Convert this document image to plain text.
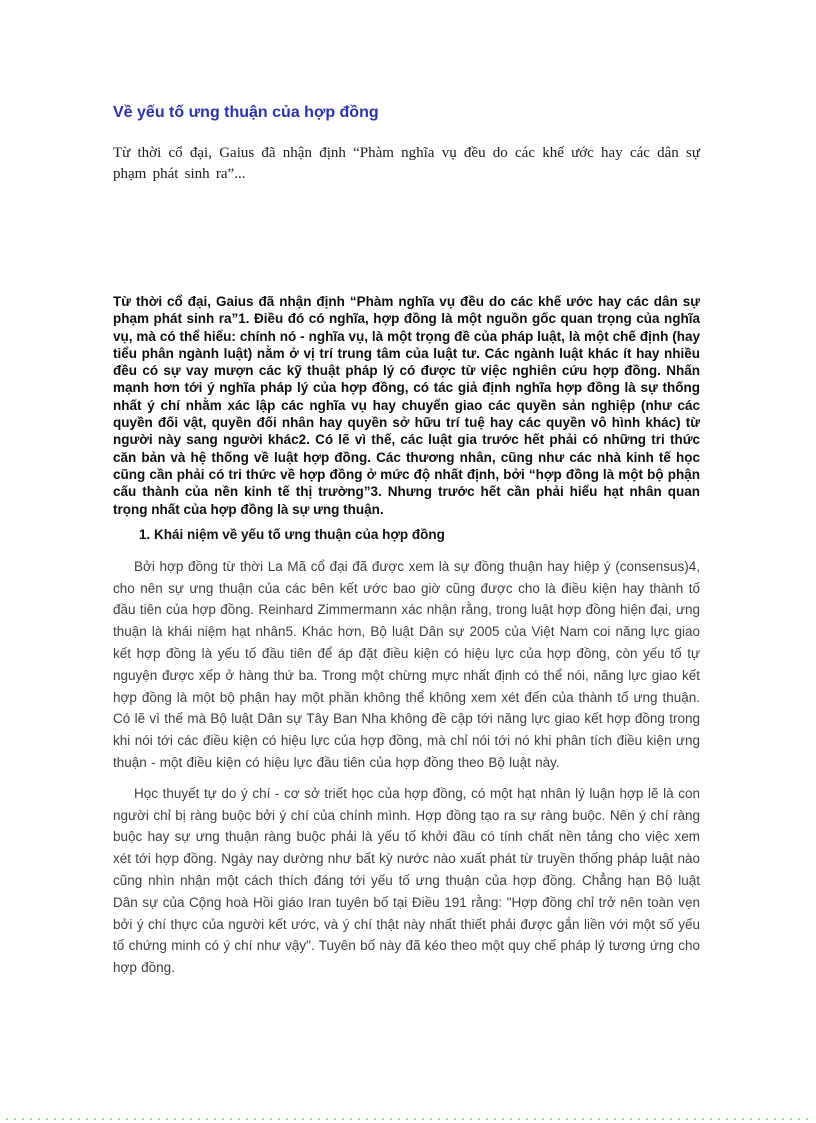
Về yếu tố ưng thuận của hợp đồng

Từ thời cổ đại, Gaius đã nhận định “Phàm nghĩa vụ đều do các khế ước hay các dân sự phạm phát sinh ra”...

Từ thời cổ đại, Gaius đã nhận định “Phàm nghĩa vụ đều do các khế ước hay các dân sự phạm phát sinh ra”1. Điều đó có nghĩa, hợp đồng là một nguồn gốc quan trọng của nghĩa vụ, mà có thể hiểu: chính nó - nghĩa vụ, là một trọng đề của pháp luật, là một chế định (hay tiểu phân ngành luật) nằm ở vị trí trung tâm của luật tư. Các ngành luật khác ít hay nhiều đều có sự vay mượn các kỹ thuật pháp lý có được từ việc nghiên cứu hợp đồng. Nhấn mạnh hơn tới ý nghĩa pháp lý của hợp đồng, có tác giả định nghĩa hợp đồng là sự thống nhất ý chí nhằm xác lập các nghĩa vụ hay chuyển giao các quyền sản nghiệp (như các quyền đối vật, quyền đối nhân hay quyền sở hữu trí tuệ hay các quyền vô hình khác) từ người này sang người khác2. Có lẽ vì thế, các luật gia trước hết phải có những tri thức căn bản và hệ thống về luật hợp đồng. Các thương nhân, cũng như các nhà kinh tế học cũng cần phải có tri thức về hợp đồng ở mức độ nhất định, bởi “hợp đồng là một bộ phận cấu thành của nền kinh tế thị trường”3. Nhưng trước hết cần phải hiểu hạt nhân quan trọng nhất của hợp đồng là sự ưng thuận.

1. Khái niệm về yếu tố ưng thuận của hợp đồng

Bởi hợp đồng từ thời La Mã cổ đại đã được xem là sự đồng thuận hay hiệp ý (consensus)4, cho nên sự ưng thuận của các bên kết ước bao giờ cũng được cho là điều kiện hay thành tố đầu tiên của hợp đồng. Reinhard Zimmermann xác nhận rằng, trong luật hợp đồng hiện đại, ưng thuận là khái niệm hạt nhân5. Khác hơn, Bộ luật Dân sự 2005 của Việt Nam coi năng lực giao kết hợp đồng là yếu tố đầu tiên để áp đặt điều kiện có hiệu lực của hợp đồng, còn yếu tố tự nguyện được xếp ở hàng thứ ba. Trong một chừng mực nhất định có thể nói, năng lực giao kết hợp đồng là một bộ phận hay một phần không thể không xem xét đến của thành tố ưng thuận. Có lẽ vì thế mà Bộ luật Dân sự Tây Ban Nha không đề cập tới năng lực giao kết hợp đồng trong khi nói tới các điều kiện có hiệu lực của hợp đồng, mà chỉ nói tới nó khi phân tích điều kiện ưng thuận - một điều kiện có hiệu lực đầu tiên của hợp đồng theo Bộ luật này.

Học thuyết tự do ý chí - cơ sở triết học của hợp đồng, có một hạt nhân lý luận hợp lẽ là con người chỉ bị ràng buộc bởi ý chí của chính mình. Hợp đồng tạo ra sự ràng buộc. Nên ý chí ràng buộc hay sự ưng thuận ràng buộc phải là yếu tố khởi đầu có tính chất nền tảng cho việc xem xét tới hợp đồng. Ngày nay dường như bất kỳ nước nào xuất phát từ truyền thống pháp luật nào cũng nhìn nhận một cách thích đáng tới yếu tố ưng thuận của hợp đồng. Chẳng hạn Bộ luật Dân sự của Cộng hoà Hồi giáo Iran tuyên bố tại Điều 191 rằng: "Hợp đồng chỉ trở nên toàn vẹn bởi ý chí thực của người kết ước, và ý chí thật này nhất thiết phải được gắn liền với một số yếu tố chứng minh có ý chí như vậy". Tuyên bố này đã kéo theo một quy chế pháp lý tương ứng cho hợp đồng.
